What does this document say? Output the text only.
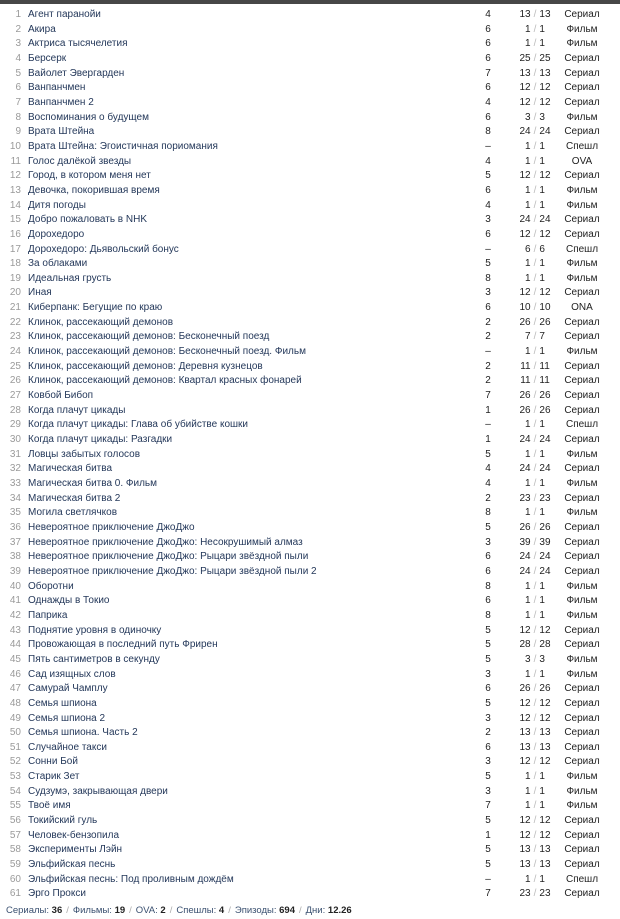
1 Агент паранойи	4	13 / 13	Сериал
2 Акира	6	1 / 1	Фильм
3 Актриса тысячелетия	6	1 / 1	Фильм
4 Берсерк	6	25 / 25	Сериал
5 Вайолет Эвергарден	7	13 / 13	Сериал
6 Ванпанчмен	6	12 / 12	Сериал
7 Ванпанчмен 2	4	12 / 12	Сериал
8 Воспоминания о будущем	6	3 / 3	Фильм
9 Врата Штейна	8	24 / 24	Сериал
10 Врата Штейна: Эгоистичная пориомания	–	1 / 1	Спешл
11 Голос далёкой звезды	4	1 / 1	OVA
12 Город, в котором меня нет	5	12 / 12	Сериал
13 Девочка, покорившая время	6	1 / 1	Фильм
14 Дитя погоды	4	1 / 1	Фильм
15 Добро пожаловать в NHK	3	24 / 24	Сериал
16 Дорохедоро	6	12 / 12	Сериал
17 Дорохедоро: Дьявольский бонус	–	6 / 6	Спешл
18 За облаками	5	1 / 1	Фильм
19 Идеальная грусть	8	1 / 1	Фильм
20 Иная	3	12 / 12	Сериал
21 Киберпанк: Бегущие по краю	6	10 / 10	ONA
22 Клинок, рассекающий демонов	2	26 / 26	Сериал
23 Клинок, рассекающий демонов: Бесконечный поезд	2	7 / 7	Сериал
24 Клинок, рассекающий демонов: Бесконечный поезд. Фильм	–	1 / 1	Фильм
25 Клинок, рассекающий демонов: Деревня кузнецов	2	11 / 11	Сериал
26 Клинок, рассекающий демонов: Квартал красных фонарей	2	11 / 11	Сериал
27 Ковбой Бибоп	7	26 / 26	Сериал
28 Когда плачут цикады	1	26 / 26	Сериал
29 Когда плачут цикады: Глава об убийстве кошки	–	1 / 1	Спешл
30 Когда плачут цикады: Разгадки	1	24 / 24	Сериал
31 Ловцы забытых голосов	5	1 / 1	Фильм
32 Магическая битва	4	24 / 24	Сериал
33 Магическая битва 0. Фильм	4	1 / 1	Фильм
34 Магическая битва 2	2	23 / 23	Сериал
35 Могила светлячков	8	1 / 1	Фильм
36 Невероятное приключение ДжоДжо	5	26 / 26	Сериал
37 Невероятное приключение ДжоДжо: Несокрушимый алмаз	3	39 / 39	Сериал
38 Невероятное приключение ДжоДжо: Рыцари звёздной пыли	6	24 / 24	Сериал
39 Невероятное приключение ДжоДжо: Рыцари звёздной пыли 2	6	24 / 24	Сериал
40 Оборотни	8	1 / 1	Фильм
41 Однажды в Токио	6	1 / 1	Фильм
42 Паприка	8	1 / 1	Фильм
43 Поднятие уровня в одиночку	5	12 / 12	Сериал
44 Провожающая в последний путь Фрирен	5	28 / 28	Сериал
45 Пять сантиметров в секунду	5	3 / 3	Фильм
46 Сад изящных слов	3	1 / 1	Фильм
47 Самурай Чамплу	6	26 / 26	Сериал
48 Семья шпиона	5	12 / 12	Сериал
49 Семья шпиона 2	3	12 / 12	Сериал
50 Семья шпиона. Часть 2	2	13 / 13	Сериал
51 Случайное такси	6	13 / 13	Сериал
52 Сонни Бой	3	12 / 12	Сериал
53 Старик Зет	5	1 / 1	Фильм
54 Судзумэ, закрывающая двери	3	1 / 1	Фильм
55 Твоё имя	7	1 / 1	Фильм
56 Токийский гуль	5	12 / 12	Сериал
57 Человек-бензопила	1	12 / 12	Сериал
58 Эксперименты Лэйн	5	13 / 13	Сериал
59 Эльфийская песнь	5	13 / 13	Сериал
60 Эльфийская песнь: Под проливным дождём	–	1 / 1	Спешл
61 Эрго Прокси	7	23 / 23	Сериал
Сериалы: 36 / Фильмы: 19 / OVA: 2 / Спешлы: 4 / Эпизоды: 694 / Дни: 12.26
